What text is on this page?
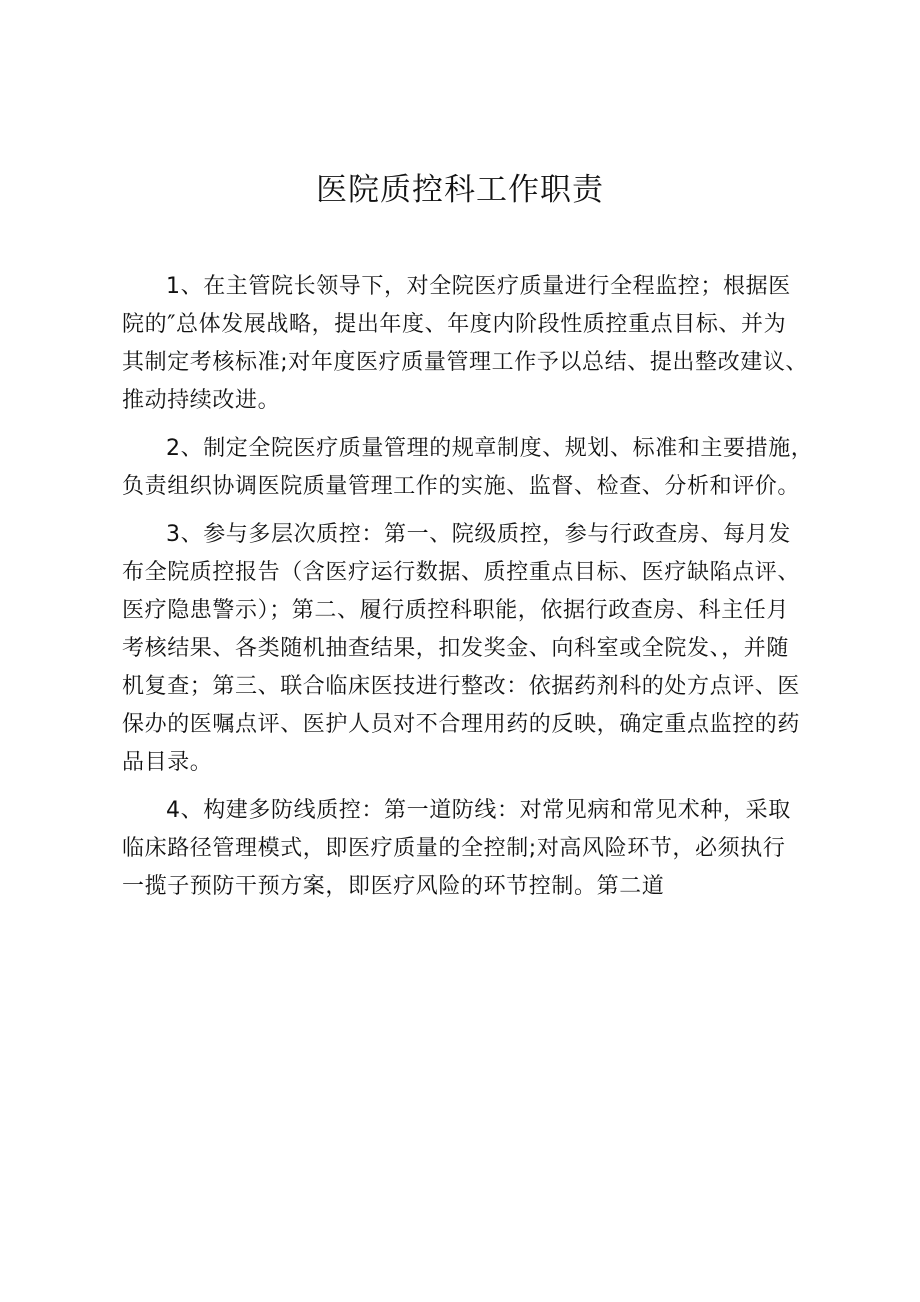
医院质控科工作职责

1、在主管院长领导下，对全院医疗质量进行全程监控；根据医
院的″总体发展战略，提出年度、年度内阶段性质控重点目标、并为
其制定考核标准;对年度医疗质量管理工作予以总结、提出整改建议、
推动持续改进。

2、制定全院医疗质量管理的规章制度、规划、标准和主要措施，
负责组织协调医院质量管理工作的实施、监督、检查、分析和评价。

3、参与多层次质控：第一、院级质控，参与行政查房、每月发
布全院质控报告（含医疗运行数据、质控重点目标、医疗缺陷点评、
医疗隐患警示）；第二、履行质控科职能，依据行政查房、科主任月
考核结果、各类随机抽查结果，扣发奖金、向科室或全院发、，并随
机复查；第三、联合临床医技进行整改：依据药剂科的处方点评、医
保办的医嘱点评、医护人员对不合理用药的反映，确定重点监控的药
品目录。

4、构建多防线质控：第一道防线：对常见病和常见术种，采取
临床路径管理模式，即医疗质量的全控制;对高风险环节，必须执行
一揽子预防干预方案，即医疗风险的环节控制。第二道
